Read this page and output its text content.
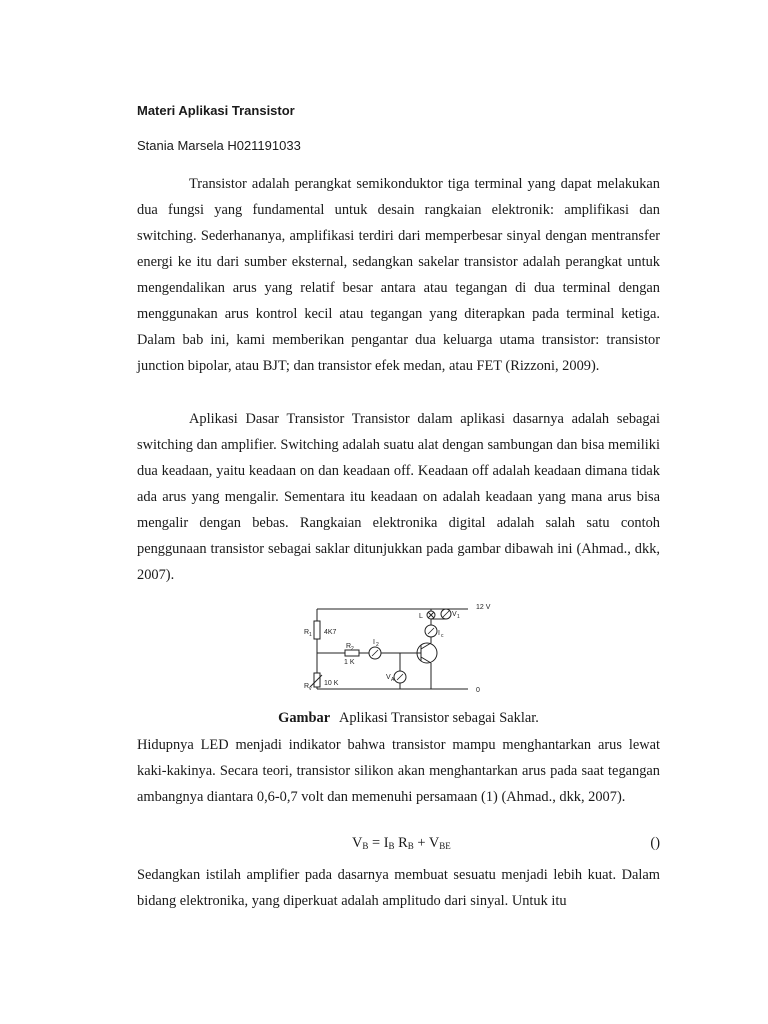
Materi Aplikasi Transistor
Stania Marsela H021191033

Transistor adalah perangkat semikonduktor tiga terminal yang dapat melakukan dua fungsi yang fundamental untuk desain rangkaian elektronik: amplifikasi dan switching. Sederhananya, amplifikasi terdiri dari memperbesar sinyal dengan mentransfer energi ke itu dari sumber eksternal, sedangkan sakelar transistor adalah perangkat untuk mengendalikan arus yang relatif besar antara atau tegangan di dua terminal dengan menggunakan arus kontrol kecil atau tegangan yang diterapkan pada terminal ketiga. Dalam bab ini, kami memberikan pengantar dua keluarga utama transistor: transistor junction bipolar, atau BJT; dan transistor efek medan, atau FET (Rizzoni, 2009).

Aplikasi Dasar Transistor Transistor dalam aplikasi dasarnya adalah sebagai switching dan amplifier. Switching adalah suatu alat dengan sambungan dan bisa memiliki dua keadaan, yaitu keadaan on dan keadaan off. Keadaan off adalah keadaan dimana tidak ada arus yang mengalir. Sementara itu keadaan on adalah keadaan yang mana arus bisa mengalir dengan bebas. Rangkaian elektronika digital adalah salah satu contoh penggunaan transistor sebagai saklar ditunjukkan pada gambar dibawah ini (Ahmad., dkk, 2007).

12 V
0
R 1 4K7
R 2
1 K
R v
10 K
L	V 1
I 2
I c
V A
Gambar Aplikasi Transistor sebagai Saklar.

Hidupnya LED menjadi indikator bahwa transistor mampu menghantarkan arus lewat kaki-kakinya. Secara teori, transistor silikon akan menghantarkan arus pada saat tegangan ambangnya diantara 0,6-0,7 volt dan memenuhi persamaan (1) (Ahmad., dkk, 2007).

$V_B = I_B$ $R_B + V_{BE}$	()

Sedangkan istilah amplifier pada dasarnya membuat sesuatu menjadi lebih kuat. Dalam bidang elektronika, yang diperkuat adalah amplitudo dari sinyal. Untuk itu
